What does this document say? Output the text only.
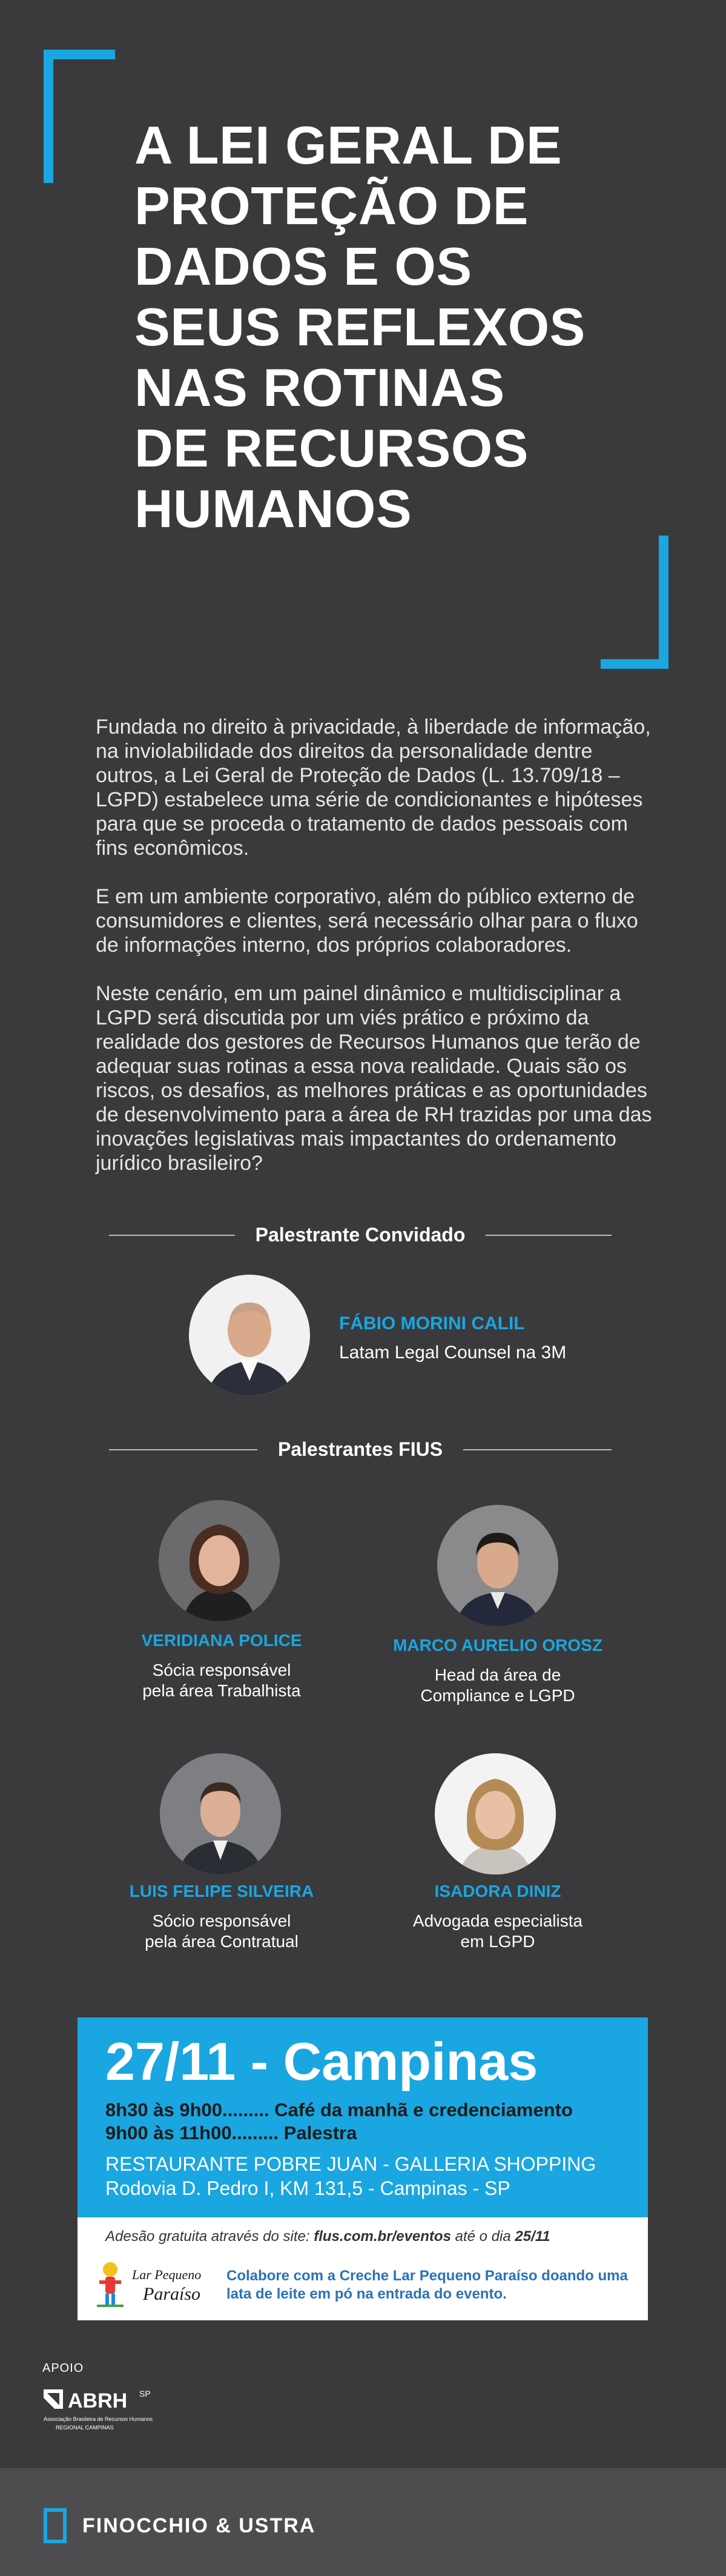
A LEI GERAL DE
PROTEÇÃO DE
DADOS E OS
SEUS REFLEXOS
NAS ROTINAS
DE RECURSOS
HUMANOS

Fundada no direito à privacidade, à liberdade de informação, na inviolabilidade dos direitos da personalidade dentre outros, a Lei Geral de Proteção de Dados (L. 13.709/18 – LGPD) estabelece uma série de condicionantes e hipóteses para que se proceda o tratamento de dados pessoais com fins econômicos.

E em um ambiente corporativo, além do público externo de consumidores e clientes, será necessário olhar para o fluxo de informações interno, dos próprios colaboradores.

Neste cenário, em um painel dinâmico e multidisciplinar a LGPD será discutida por um viés prático e próximo da realidade dos gestores de Recursos Humanos que terão de adequar suas rotinas a essa nova realidade. Quais são os riscos, os desafios, as melhores práticas e as oportunidades de desenvolvimento para a área de RH trazidas por uma das inovações legislativas mais impactantes do ordenamento jurídico brasileiro?

Palestrante Convidado
FÁBIO MORINI CALIL
Latam Legal Counsel na 3M
Palestrantes FIUS
VERIDIANA POLICE
Sócia responsável
pela área Trabalhista
MARCO AURELIO OROSZ
Head da área de
Compliance e LGPD
LUIS FELIPE SILVEIRA
Sócio responsável
pela área Contratual
ISADORA DINIZ
Advogada especialista
em LGPD
27/11 - Campinas
8h30 às 9h00......... Café da manhã e credenciamento
9h00 às 11h00......... Palestra
RESTAURANTE POBRE JUAN - GALLERIA SHOPPING
Rodovia D. Pedro I, KM 131,5 - Campinas - SP
Adesão gratuita através do site: flus.com.br/eventos até o dia 25/11
Lar Pequeno
Paraíso
Colabore com a Creche Lar Pequeno Paraíso doando uma lata de leite em pó na entrada do evento.
APOIO
ABRH SP
Associação Brasileira de Recursos Humanos
REGIONAL CAMPINAS
FINOCCHIO & USTRA
